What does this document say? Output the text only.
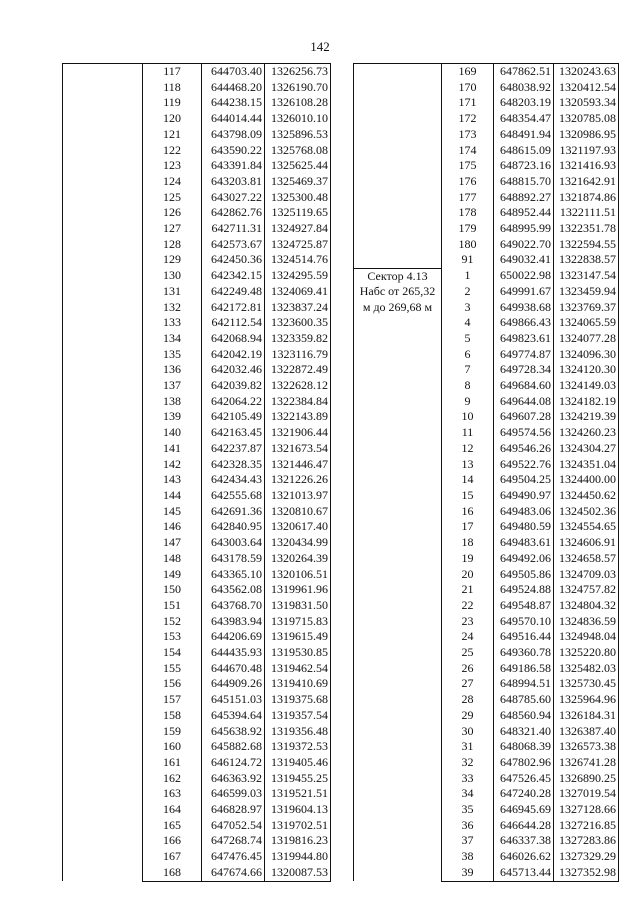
142
	117	644703.40	1326256.73
	118	644468.20	1326190.70
	119	644238.15	1326108.28
	120	644014.44	1326010.10
	121	643798.09	1325896.53
	122	643590.22	1325768.08
	123	643391.84	1325625.44
	124	643203.81	1325469.37
	125	643027.22	1325300.48
	126	642862.76	1325119.65
	127	642711.31	1324927.84
	128	642573.67	1324725.87
	129	642450.36	1324514.76
	130	642342.15	1324295.59
	131	642249.48	1324069.41
	132	642172.81	1323837.24
	133	642112.54	1323600.35
	134	642068.94	1323359.82
	135	642042.19	1323116.79
	136	642032.46	1322872.49
	137	642039.82	1322628.12
	138	642064.22	1322384.84
	139	642105.49	1322143.89
	140	642163.45	1321906.44
	141	642237.87	1321673.54
	142	642328.35	1321446.47
	143	642434.43	1321226.26
	144	642555.68	1321013.97
	145	642691.36	1320810.67
	146	642840.95	1320617.40
	147	643003.64	1320434.99
	148	643178.59	1320264.39
	149	643365.10	1320106.51
	150	643562.08	1319961.96
	151	643768.70	1319831.50
	152	643983.94	1319715.83
	153	644206.69	1319615.49
	154	644435.93	1319530.85
	155	644670.48	1319462.54
	156	644909.26	1319410.69
	157	645151.03	1319375.68
	158	645394.64	1319357.54
	159	645638.92	1319356.48
	160	645882.68	1319372.53
	161	646124.72	1319405.46
	162	646363.92	1319455.25
	163	646599.03	1319521.51
	164	646828.97	1319604.13
	165	647052.54	1319702.51
	166	647268.74	1319816.23
	167	647476.45	1319944.80
	168	647674.66	1320087.53
	169	647862.51	1320243.63
	170	648038.92	1320412.54
	171	648203.19	1320593.34
	172	648354.47	1320785.08
	173	648491.94	1320986.95
	174	648615.09	1321197.93
	175	648723.16	1321416.93
	176	648815.70	1321642.91
	177	648892.27	1321874.86
	178	648952.44	1322111.51
	179	648995.99	1322351.78
	180	649022.70	1322594.55
	91	649032.41	1322838.57
Сектор 4.13 Набс от 265,32 м до 269,68 м	1	650022.98	1323147.54
	2	649991.67	1323459.94
	3	649938.68	1323769.37
	4	649866.43	1324065.59
	5	649823.61	1324077.28
	6	649774.87	1324096.30
	7	649728.34	1324120.30
	8	649684.60	1324149.03
	9	649644.08	1324182.19
	10	649607.28	1324219.39
	11	649574.56	1324260.23
	12	649546.26	1324304.27
	13	649522.76	1324351.04
	14	649504.25	1324400.00
	15	649490.97	1324450.62
	16	649483.06	1324502.36
	17	649480.59	1324554.65
	18	649483.61	1324606.91
	19	649492.06	1324658.57
	20	649505.86	1324709.03
	21	649524.88	1324757.82
	22	649548.87	1324804.32
	23	649570.10	1324836.59
	24	649516.44	1324948.04
	25	649360.78	1325220.80
	26	649186.58	1325482.03
	27	648994.51	1325730.45
	28	648785.60	1325964.96
	29	648560.94	1326184.31
	30	648321.40	1326387.40
	31	648068.39	1326573.38
	32	647802.96	1326741.28
	33	647526.45	1326890.25
	34	647240.28	1327019.54
	35	646945.69	1327128.66
	36	646644.28	1327216.85
	37	646337.38	1327283.86
	38	646026.62	1327329.29
	39	645713.44	1327352.98
